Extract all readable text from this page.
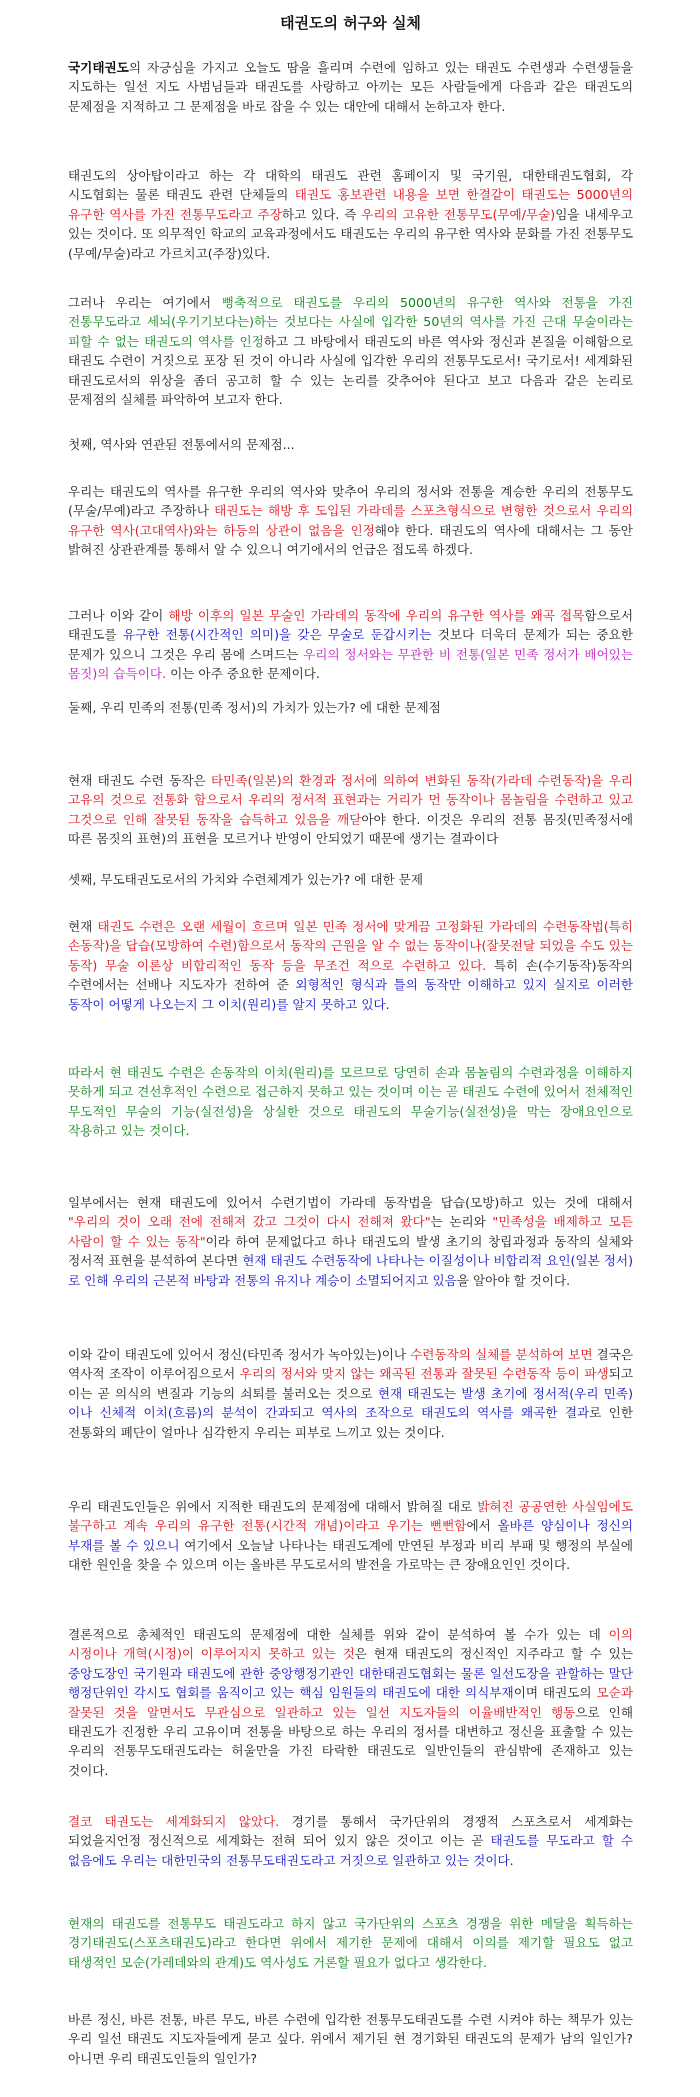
태권도의 허구와 실체

국기태권도의 자긍심을 가지고 오늘도 땀을 흘리며 수련에 임하고 있는 태권도 수련생과 수련생들을 지도하는 일선 지도 사범님들과 태권도를 사랑하고 아끼는 모든 사람들에게 다음과 같은 태권도의 문제점을 지적하고 그 문제점을 바로 잡을 수 있는 대안에 대해서 논하고자 한다.

태권도의 상아탑이라고 하는 각 대학의 태권도 관련 홈페이지 및 국기원, 대한태권도협회, 각 시도협회는 물론 태권도 관련 단체들의 태권도 홍보관련 내용을 보면 한결같이 태권도는 5000년의 유구한 역사를 가진 전통무도라고 주장하고 있다. 즉 우리의 고유한 전통무도(무예/무술)임을 내세우고 있는 것이다. 또 의무적인 학교의 교육과정에서도 태권도는 우리의 유구한 역사와 문화를 가진 전통무도(무예/무술)라고 가르치고(주장)있다.

그러나 우리는 여기에서 뻥축적으로 태권도를 우리의 5000년의 유구한 역사와 전통을 가진 전통무도라고 세뇌(우기기보다는)하는 것보다는 사실에 입각한 50년의 역사를 가진 근대 무술이라는 피할 수 없는 태권도의 역사를 인정하고 그 바탕에서 태권도의 바른 역사와 정신과 본질을 이해함으로 태권도 수련이 거짓으로 포장 된 것이 아니라 사실에 입각한 우리의 전통무도로서! 국기로서! 세계화된 태권도로서의 위상을 좀더 공고히 할 수 있는 논리를 갖추어야 된다고 보고 다음과 같은 논리로 문제점의 실체를 파악하여 보고자 한다.

첫째, 역사와 연관된 전통에서의 문제점...

우리는 태권도의 역사를 유구한 우리의 역사와 맞추어 우리의 정서와 전통을 계승한 우리의 전통무도(무술/무예)라고 주장하나 태권도는 해방 후 도입된 가라데를 스포츠형식으로 변형한 것으로서 우리의 유구한 역사(고대역사)와는 하등의 상관이 없음을 인정해야 한다. 태권도의 역사에 대해서는 그 동안 밝혀진 상관관계를 통해서 알 수 있으니 여기에서의 언급은 접도록 하겠다.

그러나 이와 같이 해방 이후의 일본 무술인 가라데의 동작에 우리의 유구한 역사를 왜곡 접목함으로서 태권도를 유구한 전통(시간적인 의미)을 갖은 무술로 둔갑시키는 것보다 더욱더 문제가 되는 중요한 문제가 있으니 그것은 우리 몸에 스며드는 우리의 정서와는 무관한 비 전통(일본 민족 정서가 배어있는 몸짓)의 습득이다. 이는 아주 중요한 문제이다.

둘째, 우리 민족의 전통(민족 정서)의 가치가 있는가? 에 대한 문제점

현재 태권도 수련 동작은 타민족(일본)의 환경과 정서에 의하여 변화된 동작(가라데 수련동작)을 우리 고유의 것으로 전통화 함으로서 우리의 정서적 표현과는 거리가 먼 동작이나 몸놀림을 수련하고 있고 그것으로 인해 잘못된 동작을 습득하고 있음을 깨닫아야 한다. 이것은 우리의 전통 몸짓(민족정서에 따른 몸짓의 표현)의 표현을 모르거나 반영이 안되었기 때문에 생기는 결과이다

셋째, 무도태권도로서의 가치와 수련체계가 있는가? 에 대한 문제

현재 태권도 수련은 오랜 세월이 흐르며 일본 민족 정서에 맞게끔 고정화된 가라데의 수련동작법(특히 손동작)을 답습(모방하여 수련)함으로서 동작의 근원을 알 수 없는 동작이나(잘못전달 되었을 수도 있는 동작) 무술 이론상 비합리적인 동작 등을 무조건 적으로 수련하고 있다. 특히 손(수기동작)동작의 수련에서는 선배나 지도자가 전하여 준 외형적인 형식과 틀의 동작만 이해하고 있지 실지로 이러한 동작이 어떻게 나오는지 그 이치(원리)를 알지 못하고 있다.

따라서 현 태권도 수련은 손동작의 이치(원리)를 모르므로 당연히 손과 몸놀림의 수련과정을 이해하지 못하게 되고 견선후적인 수련으로 접근하지 못하고 있는 것이며 이는 곧 태권도 수련에 있어서 전체적인 무도적인 무술의 기능(실전성)을 상실한 것으로 태권도의 무술기능(실전성)을 막는 장애요인으로 작용하고 있는 것이다.

일부에서는 현재 태권도에 있어서 수련기법이 가라데 동작법을 답습(모방)하고 있는 것에 대해서 "우리의 것이 오래 전에 전해져 갔고 그것이 다시 전해져 왔다"는 논리와 "민족성을 배제하고 모든 사람이 할 수 있는 동작"이라 하여 문제없다고 하나 태권도의 발생 초기의 창립과정과 동작의 실체와 정서적 표현을 분석하여 본다면 현재 태권도 수련동작에 나타나는 이질성이나 비합리적 요인(일본 정서)로 인해 우리의 근본적 바탕과 전통의 유지나 계승이 소멸되어지고 있음을 알아야 할 것이다.

이와 같이 태권도에 있어서 정신(타민족 정서가 녹아있는)이나 수련동작의 실체를 분석하여 보면 결국은 역사적 조작이 이루어짐으로서 우리의 정서와 맞지 않는 왜곡된 전통과 잘못된 수련동작 등이 파생되고 이는 곧 의식의 변질과 기능의 쇠퇴를 불러오는 것으로 현재 태권도는 발생 초기에 정서적(우리 민족)이나 신체적 이치(흐름)의 분석이 간과되고 역사의 조작으로 태권도의 역사를 왜곡한 결과로 인한 전통화의 폐단이 얼마나 심각한지 우리는 피부로 느끼고 있는 것이다.

우리 태권도인들은 위에서 지적한 태권도의 문제점에 대해서 밝혀질 대로 밝혀진 공공연한 사실임에도 불구하고 계속 우리의 유구한 전통(시간적 개념)이라고 우기는 뻔뻔함에서 올바른 양심이나 정신의 부재를 볼 수 있으니 여기에서 오늘날 나타나는 태권도계에 만연된 부정과 비리 부패 및 행정의 부실에 대한 원인을 찾을 수 있으며 이는 올바른 무도로서의 발전을 가로막는 큰 장애요인인 것이다.

결론적으로 총체적인 태권도의 문제점에 대한 실체를 위와 같이 분석하여 볼 수가 있는 데 이의 시정이나 개혁(시정)이 이루어지지 못하고 있는 것은 현재 태권도의 정신적인 지주라고 할 수 있는 중앙도장인 국기원과 태권도에 관한 중앙행정기관인 대한태권도협회는 물론 일선도장을 관할하는 말단 행정단위인 각시도 협회를 움직이고 있는 핵심 임원들의 태권도에 대한 의식부재이며 태권도의 모순과 잘못된 것을 알면서도 무관심으로 일관하고 있는 일선 지도자들의 이율배반적인 행동으로 인해 태권도가 진정한 우리 고유이며 전통을 바탕으로 하는 우리의 정서를 대변하고 정신을 표출할 수 있는 우리의 전통무도태권도라는 허울만을 가진 타락한 태권도로 일반인들의 관심밖에 존재하고 있는 것이다.

결코 태권도는 세계화되지 않았다. 경기를 통해서 국가단위의 경쟁적 스포츠로서 세계화는 되었을지언정 정신적으로 세계화는 전혀 되어 있지 않은 것이고 이는 곧 태권도를 무도라고 할 수 없음에도 우리는 대한민국의 전통무도태권도라고 거짓으로 일관하고 있는 것이다.

현재의 태권도를 전통무도 태권도라고 하지 않고 국가단위의 스포츠 경쟁을 위한 메달을 획득하는 경기태권도(스포츠태권도)라고 한다면 위에서 제기한 문제에 대해서 이의를 제기할 필요도 없고 태생적인 모순(가레데와의 관계)도 역사성도 거론할 필요가 없다고 생각한다.

바른 정신, 바른 전통, 바른 무도, 바른 수련에 입각한 전통무도태권도를 수련 시켜야 하는 책무가 있는 우리 일선 태권도 지도자들에게 묻고 싶다. 위에서 제기된 현 경기화된 태권도의 문제가 남의 일인가? 아니면 우리 태권도인들의 일인가?
